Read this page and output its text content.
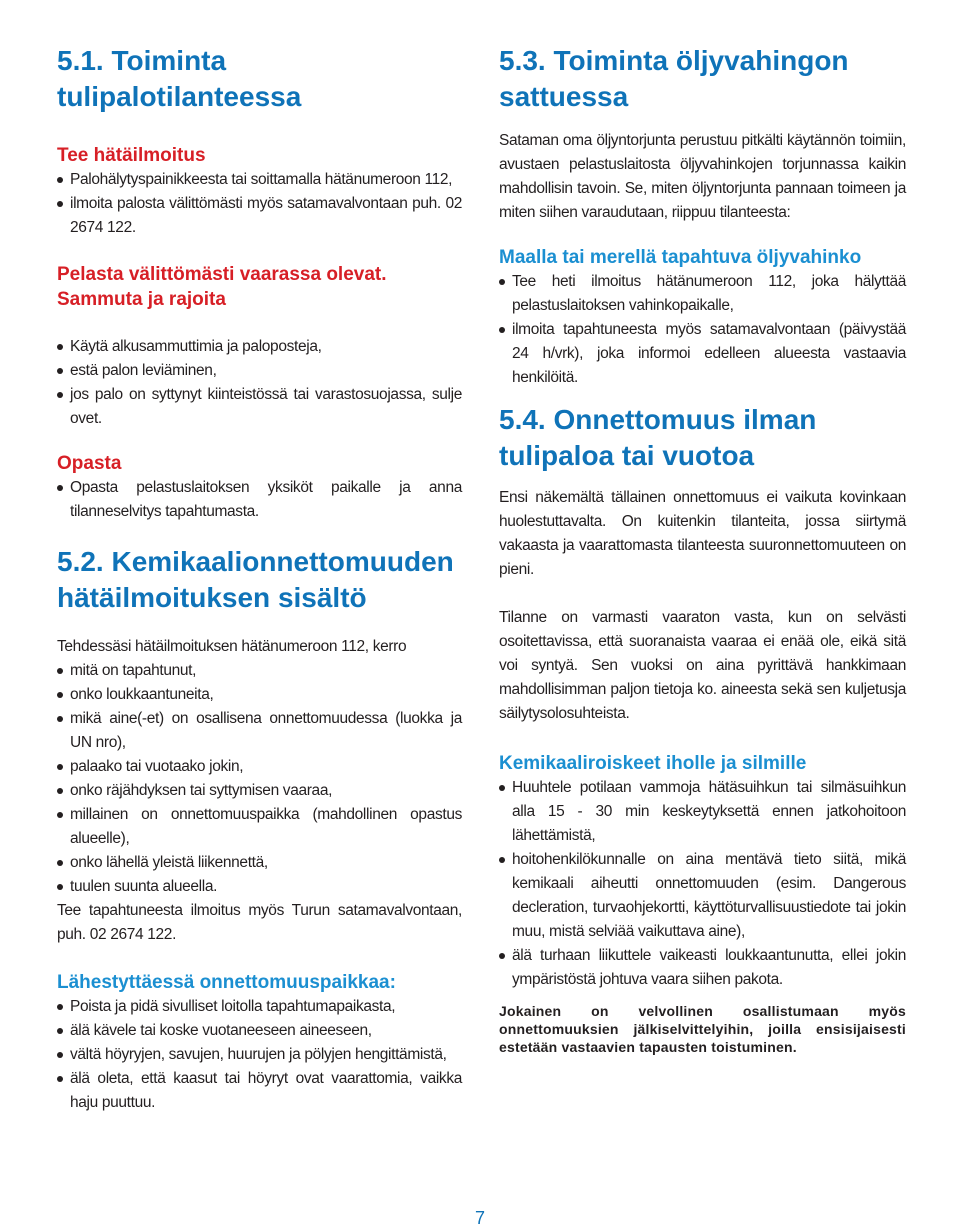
5.1. Toiminta
tulipalotilanteessa
Tee hätäilmoitus
Palohälytyspainikkeesta tai soittamalla hätänumeroon 112,
ilmoita palosta välittömästi myös satamavalvontaan puh. 02 2674 122.
Pelasta välittömästi vaarassa olevat.
Sammuta ja rajoita
Käytä alkusammuttimia ja paloposteja,
estä palon leviäminen,
jos palo on syttynyt kiinteistössä tai varastosuojassa, sulje ovet.
Opasta
Opasta pelastuslaitoksen yksiköt paikalle ja anna tilanneselvitys tapahtumasta.
5.2. Kemikaalionnettomuuden
hätäilmoituksen sisältö

Tehdessäsi hätäilmoituksen hätänumeroon 112, kerro

mitä on tapahtunut,
onko loukkaantuneita,
mikä aine(-et) on osallisena onnettomuudessa (luokka ja UN nro),
palaako tai vuotaako jokin,
onko räjähdyksen tai syttymisen vaaraa,
millainen on onnettomuuspaikka (mahdollinen opastus alueelle),
onko lähellä yleistä liikennettä,
tuulen suunta alueella.

Tee tapahtuneesta ilmoitus myös Turun satamavalvontaan, puh. 02 2674 122.

Lähestyttäessä onnettomuuspaikkaa:
Poista ja pidä sivulliset loitolla tapahtumapaikasta,
älä kävele tai koske vuotaneeseen aineeseen,
vältä höyryjen, savujen, huurujen ja pölyjen hengittämistä,
älä oleta, että kaasut tai höyryt ovat vaarattomia, vaikka haju puuttuu.
5.3. Toiminta öljyvahingon
sattuessa

Sataman oma öljyntorjunta perustuu pitkälti käytännön toimiin, avustaen pelastuslaitosta öljyvahinkojen torjunnassa kaikin mahdollisin tavoin. Se, miten öljyntorjunta pannaan toimeen ja miten siihen varaudutaan, riippuu tilanteesta:

Maalla tai merellä tapahtuva öljyvahinko
Tee heti ilmoitus hätänumeroon 112, joka hälyttää pelastuslaitoksen vahinkopaikalle,
ilmoita tapahtuneesta myös satamavalvontaan (päivystää 24 h/vrk), joka informoi edelleen alueesta vastaavia henkilöitä.
5.4. Onnettomuus ilman
tulipaloa tai vuotoa

Ensi näkemältä tällainen onnettomuus ei vaikuta kovinkaan huolestuttavalta. On kuitenkin tilanteita, jossa siirtymä vakaasta ja vaarattomasta tilanteesta suuronnettomuuteen on pieni.

Tilanne on varmasti vaaraton vasta, kun on selvästi osoitettavissa, että suoranaista vaaraa ei enää ole, eikä sitä voi syntyä. Sen vuoksi on aina pyrittävä hankkimaan mahdollisimman paljon tietoja ko. aineesta sekä sen kuljetusja säilytysolosuhteista.

Kemikaaliroiskeet iholle ja silmille
Huuhtele potilaan vammoja hätäsuihkun tai silmäsuihkun alla 15 - 30 min keskeytyksettä ennen jatkohoitoon lähettämistä,
hoitohenkilökunnalle on aina mentävä tieto siitä, mikä kemikaali aiheutti onnettomuuden (esim. Dangerous decleration, turvaohjekortti, käyttöturvallisuustiedote tai jokin muu, mistä selviää vaikuttava aine),
älä turhaan liikuttele vaikeasti loukkaantunutta, ellei jokin ympäristöstä johtuva vaara siihen pakota.

Jokainen on velvollinen osallistumaan myös onnettomuuksien jälkiselvittelyihin, joilla ensisijaisesti estetään vastaavien tapausten toistuminen.

7
